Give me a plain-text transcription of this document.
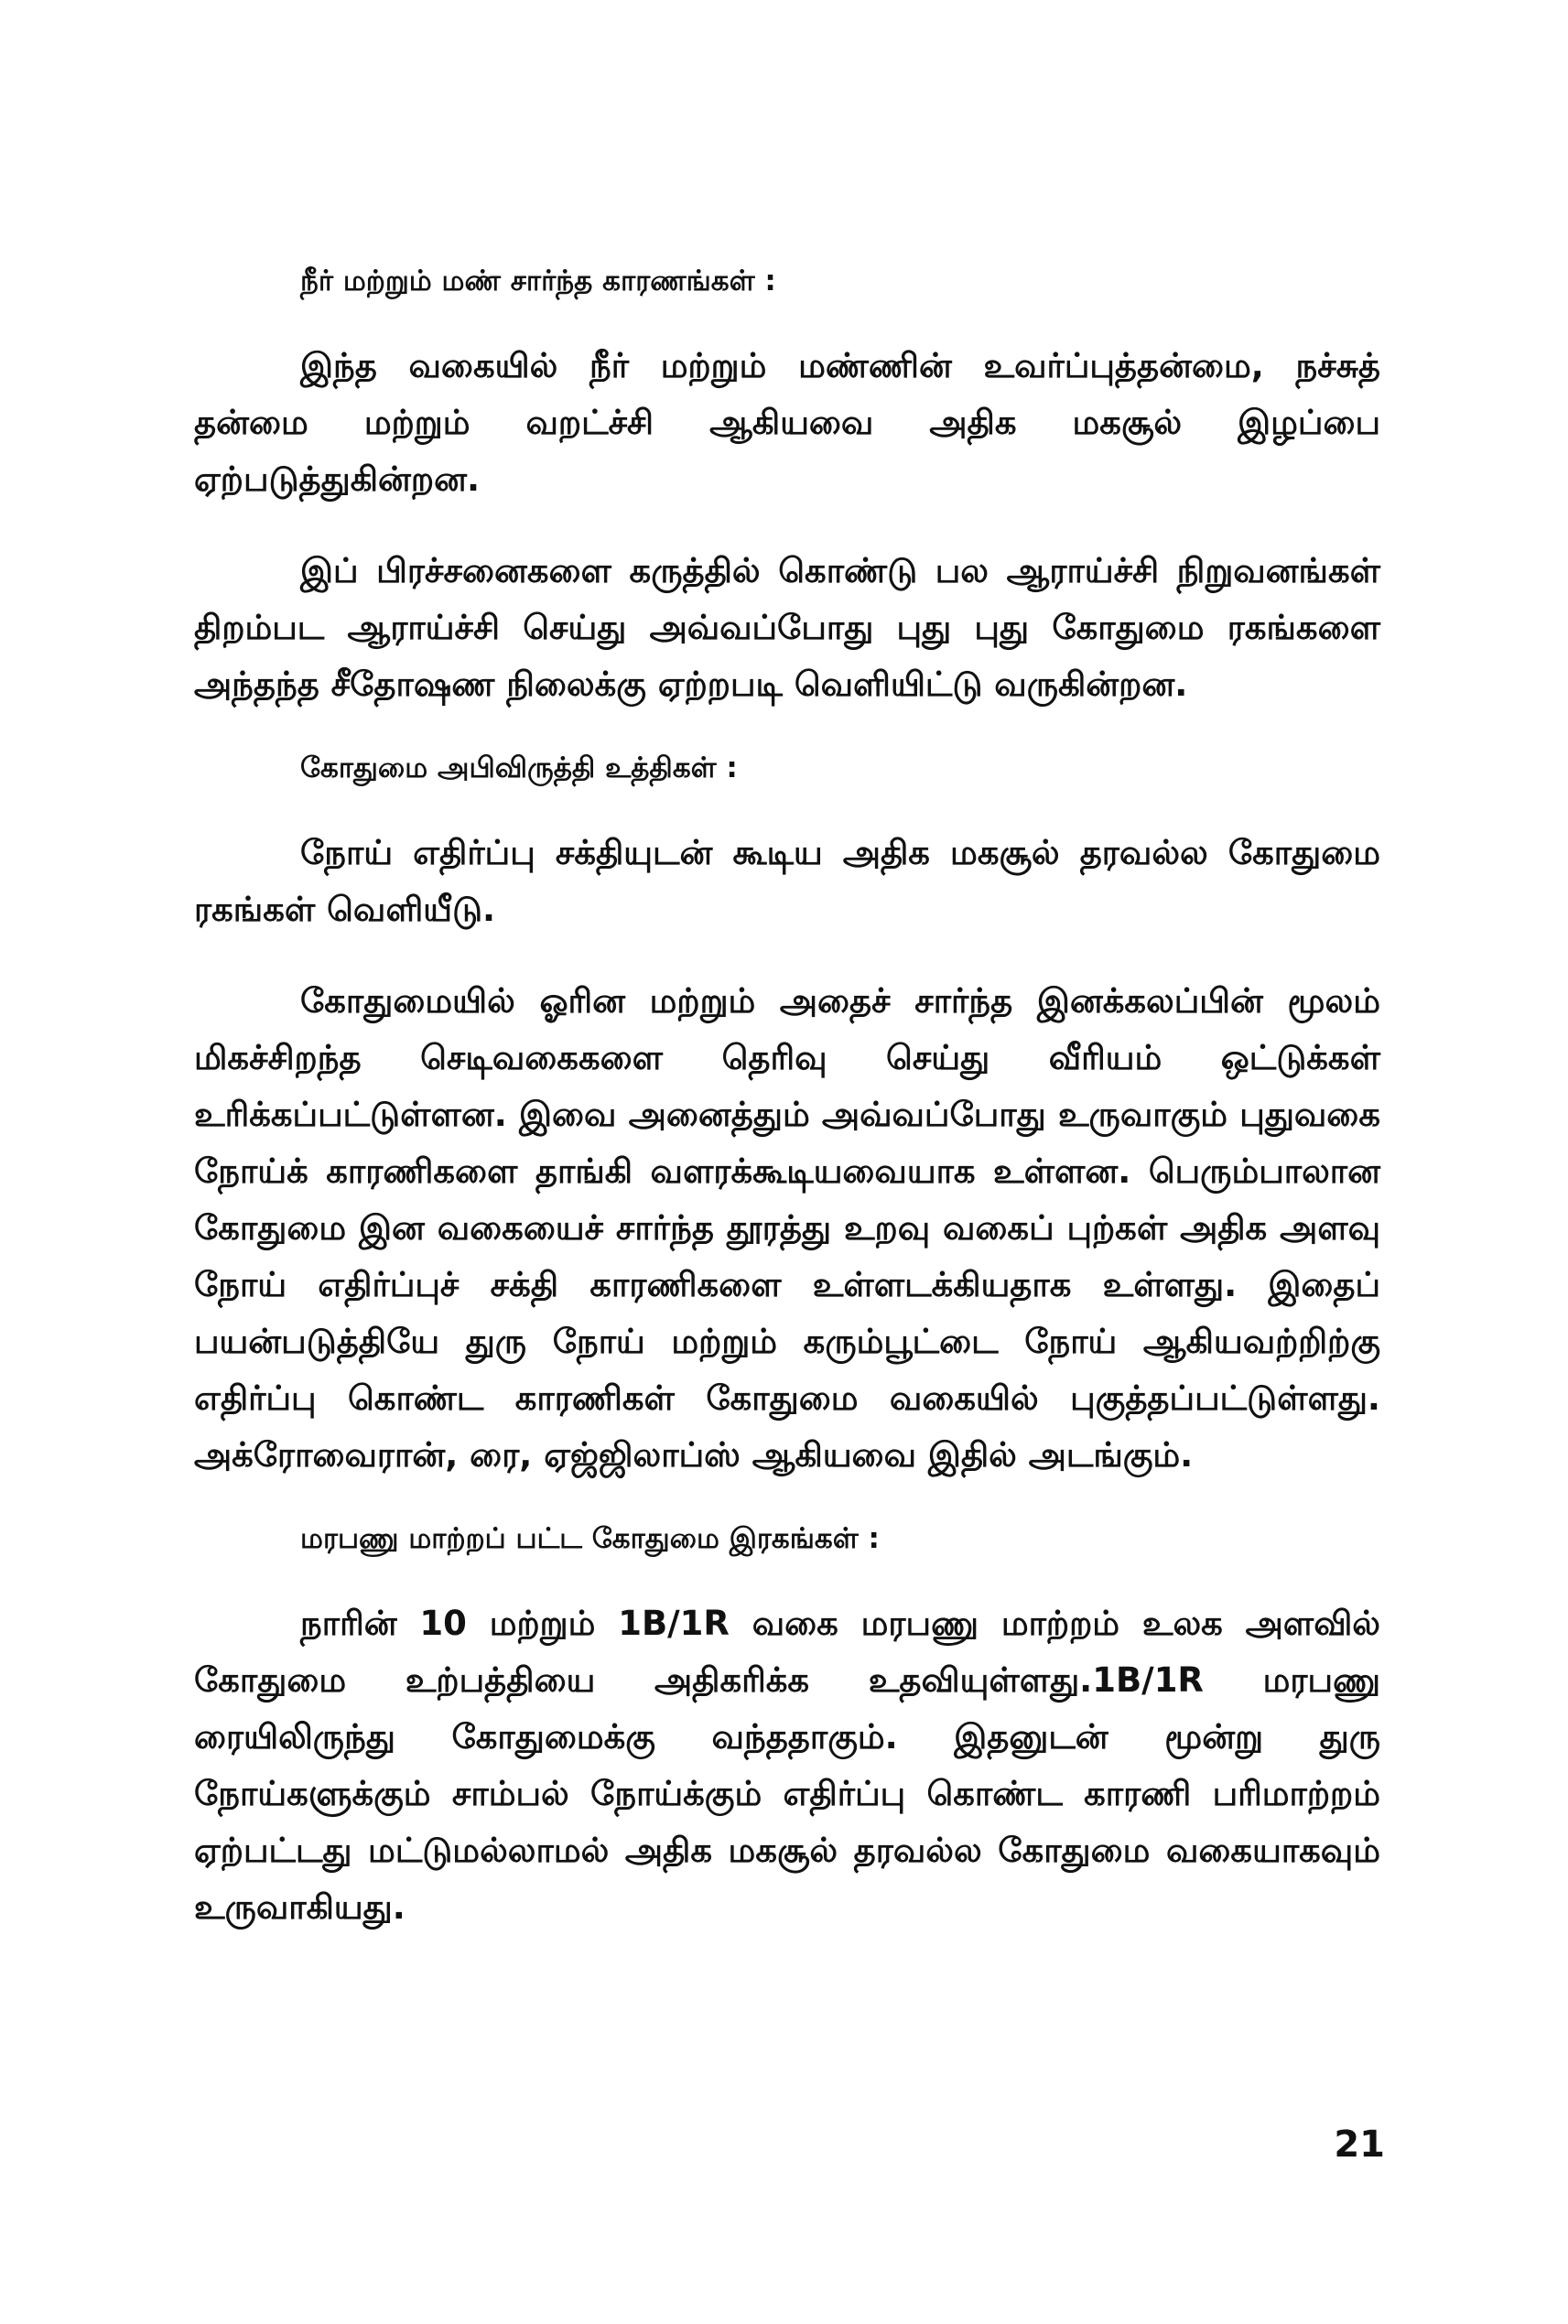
நீர் மற்றும் மண் சார்ந்த காரணங்கள் :

இந்த வகையில் நீர் மற்றும் மண்ணின் உவர்ப்புத்தன்மை, நச்சுத் தன்மை மற்றும் வறட்ச்சி ஆகியவை அதிக மகசூல் இழப்பை ஏற்படுத்துகின்றன.

இப் பிரச்சனைகளை கருத்தில் கொண்டு பல ஆராய்ச்சி நிறுவனங்கள் திறம்பட ஆராய்ச்சி செய்து அவ்வப்போது புது புது கோதுமை ரகங்களை அந்தந்த சீதோஷண நிலைக்கு ஏற்றபடி வெளியிட்டு வருகின்றன.

கோதுமை அபிவிருத்தி உத்திகள் :

நோய் எதிர்ப்பு சக்தியுடன் கூடிய அதிக மகசூல் தரவல்ல கோதுமை ரகங்கள் வெளியீடு.

கோதுமையில் ஓரின மற்றும் அதைச் சார்ந்த இனக்கலப்பின் மூலம் மிகச்சிறந்த செடிவகைகளை தெரிவு செய்து வீரியம் ஒட்டுக்கள் உரிக்கப்பட்டுள்ளன. இவை அனைத்தும் அவ்வப்போது உருவாகும் புதுவகை நோய்க் காரணிகளை தாங்கி வளரக்கூடியவையாக உள்ளன. பெரும்பாலான கோதுமை இன வகையைச் சார்ந்த தூரத்து உறவு வகைப் புற்கள் அதிக அளவு நோய் எதிர்ப்புச் சக்தி காரணிகளை உள்ளடக்கியதாக உள்ளது. இதைப் பயன்படுத்தியே துரு நோய் மற்றும் கரும்பூட்டை நோய் ஆகியவற்றிற்கு எதிர்ப்பு கொண்ட காரணிகள் கோதுமை வகையில் புகுத்தப்பட்டுள்ளது. அக்ரோவைரான், ரை, ஏஜ்ஜிலாப்ஸ் ஆகியவை இதில் அடங்கும்.

மரபணு மாற்றப் பட்ட கோதுமை இரகங்கள் :

நாரின் 10 மற்றும் 1B/1R வகை மரபணு மாற்றம் உலக அளவில் கோதுமை உற்பத்தியை அதிகரிக்க உதவியுள்ளது.1B/1R மரபணு ரையிலிருந்து கோதுமைக்கு வந்ததாகும். இதனுடன் மூன்று துரு நோய்களுக்கும் சாம்பல் நோய்க்கும் எதிர்ப்பு கொண்ட காரணி பரிமாற்றம் ஏற்பட்டது மட்டுமல்லாமல் அதிக மகசூல் தரவல்ல கோதுமை வகையாகவும் உருவாகியது.

21
